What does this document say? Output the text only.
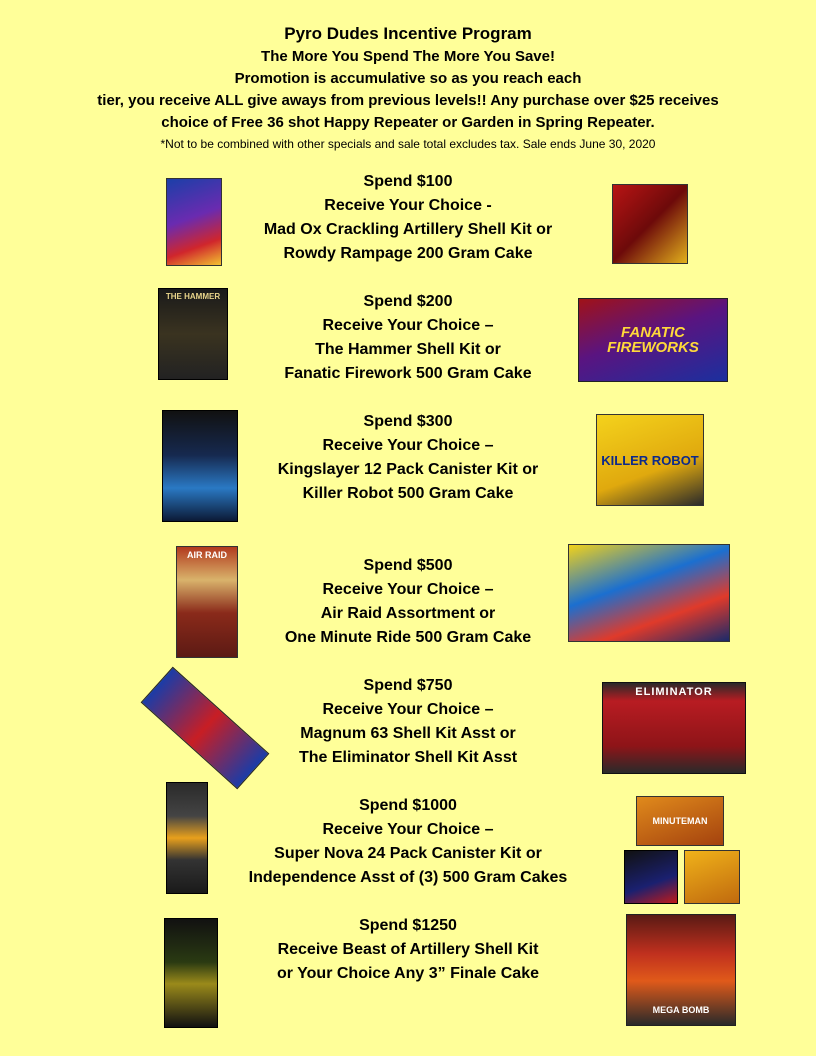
Pyro Dudes Incentive Program
The More You Spend The More You Save!
Promotion is accumulative so as you reach each
tier, you receive ALL give aways from previous levels!! Any purchase over $25 receives
choice of Free 36 shot Happy Repeater or Garden in Spring Repeater.
*Not to be combined with other specials and sale total excludes tax. Sale ends June 30, 2020
Spend $100
Receive Your Choice -
Mad Ox Crackling Artillery Shell Kit or
Rowdy Rampage 200 Gram Cake
Spend $200
Receive Your Choice –
The Hammer Shell Kit or
Fanatic Firework 500 Gram Cake
THE HAMMER
FANATIC FIREWORKS
Spend $300
Receive Your Choice –
Kingslayer 12 Pack Canister Kit or
Killer Robot 500 Gram Cake
KILLER ROBOT
Spend $500
Receive Your Choice –
Air Raid Assortment or
One Minute Ride 500 Gram Cake
AIR RAID
Spend $750
Receive Your Choice –
Magnum 63 Shell Kit Asst or
The Eliminator Shell Kit Asst
ELIMINATOR
Spend $1000
Receive Your Choice –
Super Nova 24 Pack Canister Kit or
Independence Asst of (3) 500 Gram Cakes
MINUTEMAN
Spend $1250
Receive Beast of Artillery Shell Kit
or Your Choice Any 3” Finale Cake
MEGA BOMB
